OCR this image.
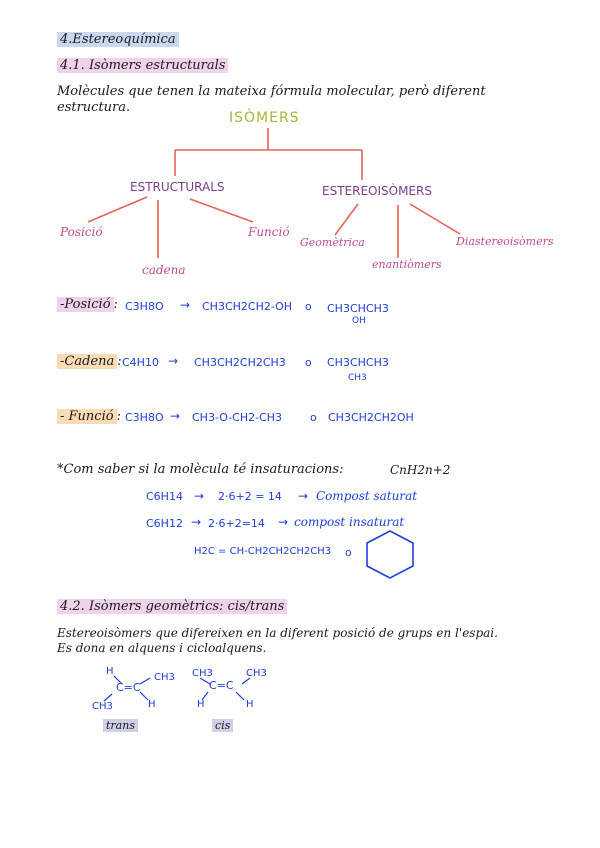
4.Estereoquímica
4.1. Isòmers estructurals
Molècules que tenen la mateixa fórmula molecular, però diferent
estructura.
ISÒMERS
ESTRUCTURALS	ESTEREOISÒMERS
Posició
cadena
Funció
Geomètrica
enantiòmers
Diastereoisòmers
-Posició : C3H8O → CH3CH2CH2-OH o CH3CHCH3
OH
-Cadena : C4H10 → CH3CH2CH2CH3 o CH3CHCH3
CH3
- Funció : C3H8O → CH3-O-CH2-CH3	o CH3CH2CH2OH
*Com saber si la molècula té insaturacions:	CnH2n+2
C6H14 → 2·6+2 = 14 → Compost saturat
C6H12 → 2·6+2=14 → compost insaturat
H2C = CH-CH2CH2CH2CH3 o
4.2. Isòmers geomètrics: cis/trans
Estereoisòmers que difereixen en la diferent posició de grups en l'espai.
Es dona en alquens i cicloalquens.
H
CH3
C=C
CH3	H
trans
CH3	CH3
C=C
H	H
cis
